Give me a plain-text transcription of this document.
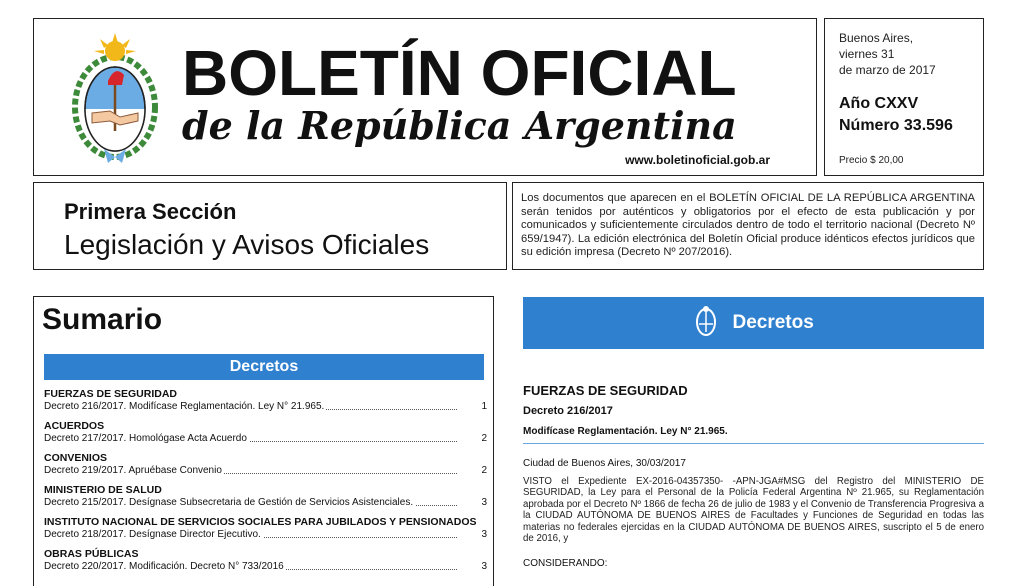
BOLETÍN OFICIAL
de la República Argentina
www.boletinoficial.gob.ar
Buenos Aires,
viernes 31
de marzo de 2017
Año CXXV
Número 33.596
Precio $ 20,00
Primera Sección
Legislación y Avisos Oficiales
Los documentos que aparecen en el BOLETÍN OFICIAL DE LA REPÚBLICA ARGENTINA serán tenidos por auténticos y obligatorios por el efecto de esta publicación y por comunicados y suficientemente circulados dentro de todo el territorio nacional (Decreto Nº 659/1947). La edición electrónica del Boletín Oficial produce idénticos efectos jurídicos que su edición impresa (Decreto Nº 207/2016).
Sumario
Decretos
FUERZAS DE SEGURIDAD
Decreto 216/2017. Modifícase Reglamentación. Ley N° 21.965.	1
ACUERDOS
Decreto 217/2017. Homológase Acta Acuerdo	2
CONVENIOS
Decreto 219/2017. Apruébase Convenio	2
MINISTERIO DE SALUD
Decreto 215/2017. Desígnase Subsecretaria de Gestión de Servicios Asistenciales.	3
INSTITUTO NACIONAL DE SERVICIOS SOCIALES PARA JUBILADOS Y PENSIONADOS
Decreto 218/2017. Desígnase Director Ejecutivo.	3
OBRAS PÚBLICAS
Decreto 220/2017. Modificación. Decreto N° 733/2016	3
Decretos
FUERZAS DE SEGURIDAD
Decreto 216/2017
Modifícase Reglamentación. Ley N° 21.965.
Ciudad de Buenos Aires, 30/03/2017
VISTO el Expediente EX-2016-04357350- -APN-JGA#MSG del Registro del MINISTERIO DE SEGURIDAD, la Ley para el Personal de la Policía Federal Argentina Nº 21.965, su Reglamentación aprobada por el Decreto Nº 1866 de fecha 26 de julio de 1983 y el Convenio de Transferencia Progresiva a la CIUDAD AUTÓNOMA DE BUENOS AIRES de Facultades y Funciones de Seguridad en todas las materias no federales ejercidas en la CIUDAD AUTÓNOMA DE BUENOS AIRES, suscripto el 5 de enero de 2016, y
CONSIDERANDO:
